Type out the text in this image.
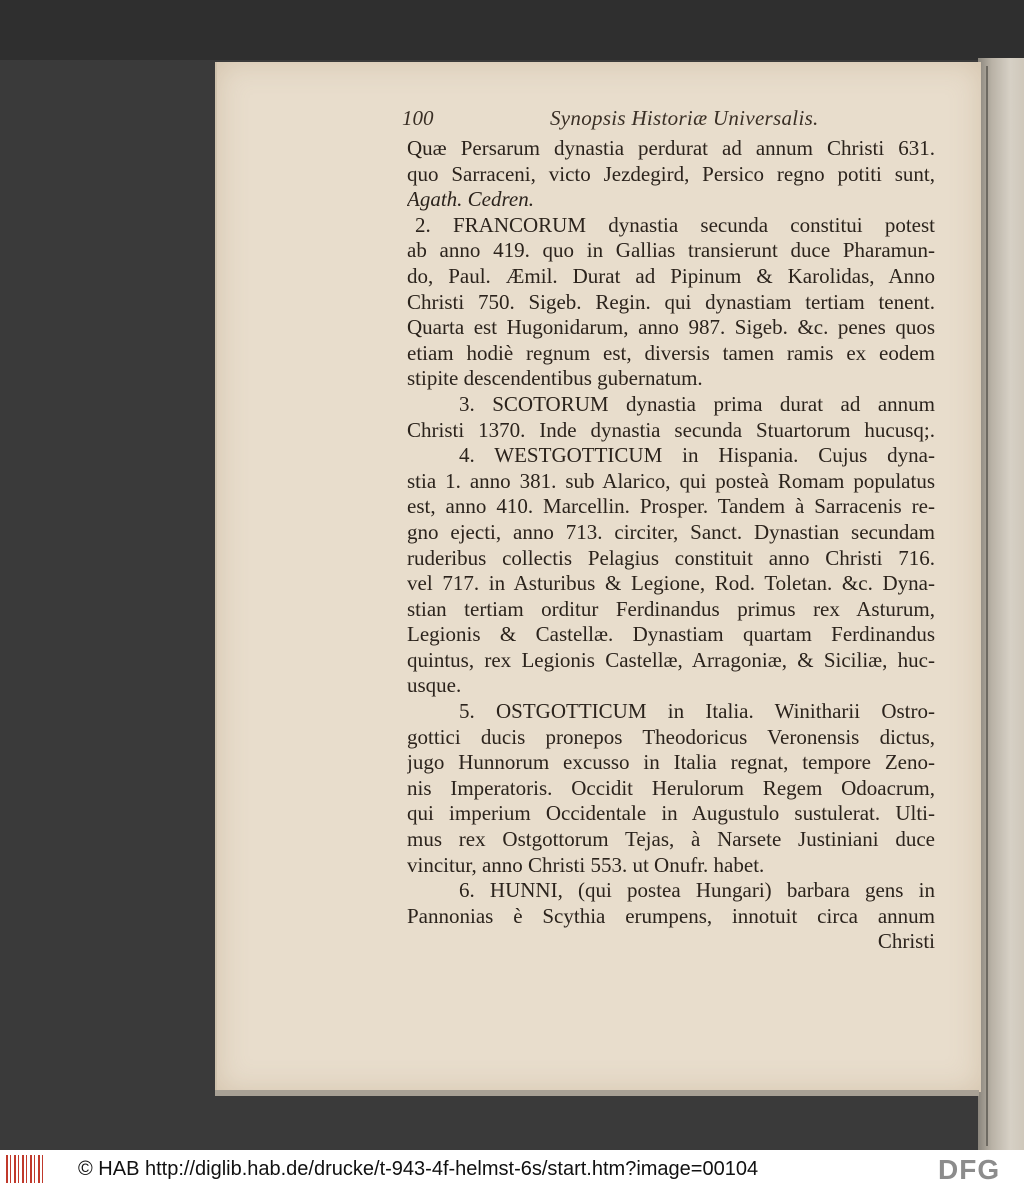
100	Synopsis Historiæ Universalis.
Quæ Persarum dynastia perdurat ad annum Christi 631.
quo Sarraceni, victo Jezdegird, Persico regno potiti sunt,
Agath. Cedren.
2. FRANCORUM dynastia secunda constitui potest
ab anno 419. quo in Gallias transierunt duce Pharamun-
do, Paul. Æmil. Durat ad Pipinum & Karolidas, Anno
Christi 750. Sigeb. Regin. qui dynastiam tertiam tenent.
Quarta est Hugonidarum, anno 987. Sigeb. &c. penes quos
etiam hodiè regnum est, diversis tamen ramis ex eodem
stipite descendentibus gubernatum.
3. SCOTORUM dynastia prima durat ad annum
Christi 1370. Inde dynastia secunda Stuartorum hucusq;.
4. WESTGOTTICUM in Hispania. Cujus dyna-
stia 1. anno 381. sub Alarico, qui posteà Romam populatus
est, anno 410. Marcellin. Prosper. Tandem à Sarracenis re-
gno ejecti, anno 713. circiter, Sanct. Dynastian secundam
ruderibus collectis Pelagius constituit anno Christi 716.
vel 717. in Asturibus & Legione, Rod. Toletan. &c. Dyna-
stian tertiam orditur Ferdinandus primus rex Asturum,
Legionis & Castellæ. Dynastiam quartam Ferdinandus
quintus, rex Legionis Castellæ, Arragoniæ, & Siciliæ, huc-
usque.
5. OSTGOTTICUM in Italia. Winitharii Ostro-
gottici ducis pronepos Theodoricus Veronensis dictus,
jugo Hunnorum excusso in Italia regnat, tempore Zeno-
nis Imperatoris. Occidit Herulorum Regem Odoacrum,
qui imperium Occidentale in Augustulo sustulerat. Ulti-
mus rex Ostgottorum Tejas, à Narsete Justiniani duce
vincitur, anno Christi 553. ut Onufr. habet.
6. HUNNI, (qui postea Hungari) barbara gens in
Pannonias è Scythia erumpens, innotuit circa annum
Christi
© HAB http://diglib.hab.de/drucke/t-943-4f-helmst-6s/start.htm?image=00104	DFG
